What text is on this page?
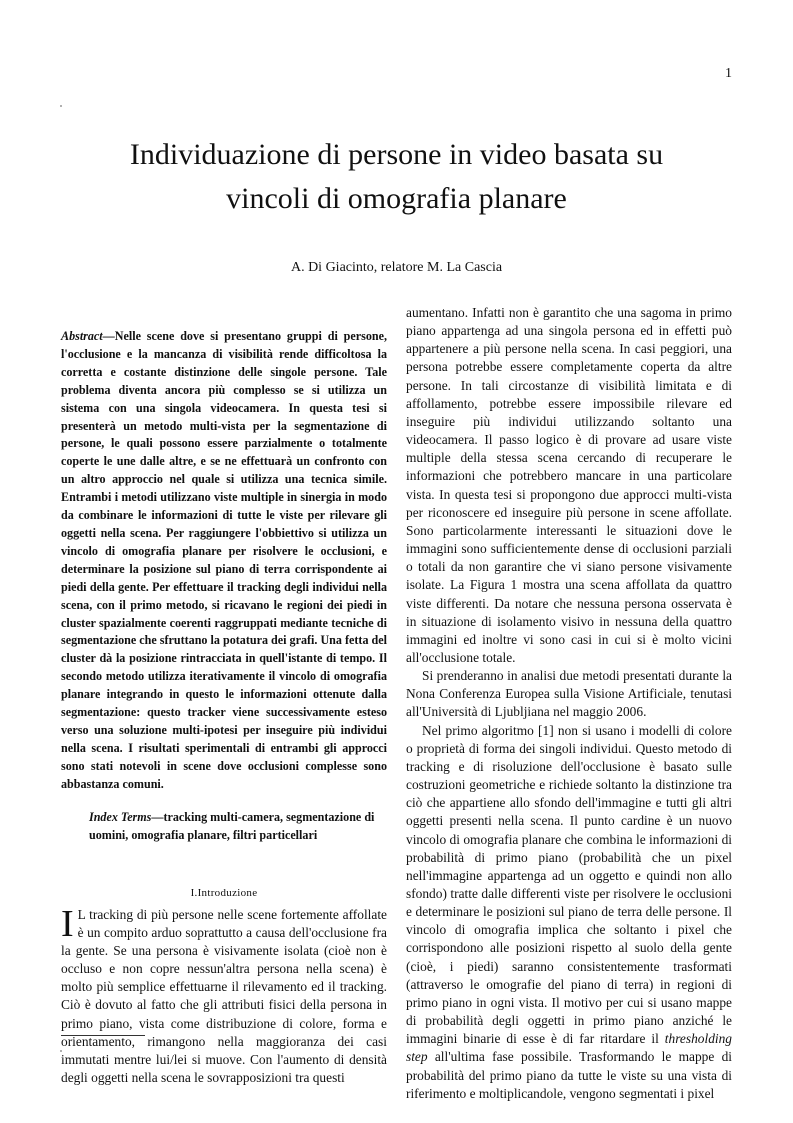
1
Individuazione di persone in video basata su
vincoli di omografia planare
A. Di Giacinto, relatore M. La Cascia

Abstract—Nelle scene dove si presentano gruppi di persone, l'occlusione e la mancanza di visibilità rende difficoltosa la corretta e costante distinzione delle singole persone. Tale problema diventa ancora più complesso se si utilizza un sistema con una singola videocamera. In questa tesi si presenterà un metodo multi-vista per la segmentazione di persone, le quali possono essere parzialmente o totalmente coperte le une dalle altre, e se ne effettuarà un confronto con un altro approccio nel quale si utilizza una tecnica simile. Entrambi i metodi utilizzano viste multiple in sinergia in modo da combinare le informazioni di tutte le viste per rilevare gli oggetti nella scena. Per raggiungere l'obbiettivo si utilizza un vincolo di omografia planare per risolvere le occlusioni, e determinare la posizione sul piano di terra corrispondente ai piedi della gente. Per effettuare il tracking degli individui nella scena, con il primo metodo, si ricavano le regioni dei piedi in cluster spazialmente coerenti raggruppati mediante tecniche di segmentazione che sfruttano la potatura dei grafi. Una fetta del cluster dà la posizione rintracciata in quell'istante di tempo. Il secondo metodo utilizza iterativamente il vincolo di omografia planare integrando in questo le informazioni ottenute dalla segmentazione: questo tracker viene successivamente esteso verso una soluzione multi-ipotesi per inseguire più individui nella scena. I risultati sperimentali di entrambi gli approcci sono stati notevoli in scene dove occlusioni complesse sono abbastanza comuni.

Index Terms—tracking multi-camera, segmentazione di uomini, omografia planare, filtri particellari

I.Introduzione

I L tracking di più persone nelle scene fortemente affollate è un compito arduo soprattutto a causa dell'occlusione fra la gente. Se una persona è visivamente isolata (cioè non è occluso e non copre nessun'altra persona nella scena) è molto più semplice effettuarne il rilevamento ed il tracking. Ciò è dovuto al fatto che gli attributi fisici della persona in primo piano, vista come distribuzione di colore, forma e orientamento, rimangono nella maggioranza dei casi immutati mentre lui/lei si muove. Con l'aumento di densità degli oggetti nella scena le sovrapposizioni tra questi

aumentano. Infatti non è garantito che una sagoma in primo piano appartenga ad una singola persona ed in effetti può appartenere a più persone nella scena. In casi peggiori, una persona potrebbe essere completamente coperta da altre persone. In tali circostanze di visibilità limitata e di affollamento, potrebbe essere impossibile rilevare ed inseguire più individui utilizzando soltanto una videocamera. Il passo logico è di provare ad usare viste multiple della stessa scena cercando di recuperare le informazioni che potrebbero mancare in una particolare vista. In questa tesi si propongono due approcci multi-vista per riconoscere ed inseguire più persone in scene affollate. Sono particolarmente interessanti le situazioni dove le immagini sono sufficientemente dense di occlusioni parziali o totali da non garantire che vi siano persone visivamente isolate. La Figura 1 mostra una scena affollata da quattro viste differenti. Da notare che nessuna persona osservata è in situazione di isolamento visivo in nessuna della quattro immagini ed inoltre vi sono casi in cui si è molto vicini all'occlusione totale.

Si prenderanno in analisi due metodi presentati durante la Nona Conferenza Europea sulla Visione Artificiale, tenutasi all'Università di Ljubljiana nel maggio 2006.

Nel primo algoritmo [1] non si usano i modelli di colore o proprietà di forma dei singoli individui. Questo metodo di tracking e di risoluzione dell'occlusione è basato sulle costruzioni geometriche e richiede soltanto la distinzione tra ciò che appartiene allo sfondo dell'immagine e tutti gli altri oggetti presenti nella scena. Il punto cardine è un nuovo vincolo di omografia planare che combina le informazioni di probabilità di primo piano (probabilità che un pixel nell'immagine appartenga ad un oggetto e quindi non allo sfondo) tratte dalle differenti viste per risolvere le occlusioni e determinare le posizioni sul piano de terra delle persone. Il vincolo di omografia implica che soltanto i pixel che corrispondono alle posizioni rispetto al suolo della gente (cioè, i piedi) saranno consistentemente trasformati (attraverso le omografie del piano di terra) in regioni di primo piano in ogni vista. Il motivo per cui si usano mappe di probabilità degli oggetti in primo piano anziché le immagini binarie di esse è di far ritardare il thresholding step all'ultima fase possibile. Trasformando le mappe di probabilità del primo piano da tutte le viste su una vista di riferimento e moltiplicandole, vengono segmentati i pixel
